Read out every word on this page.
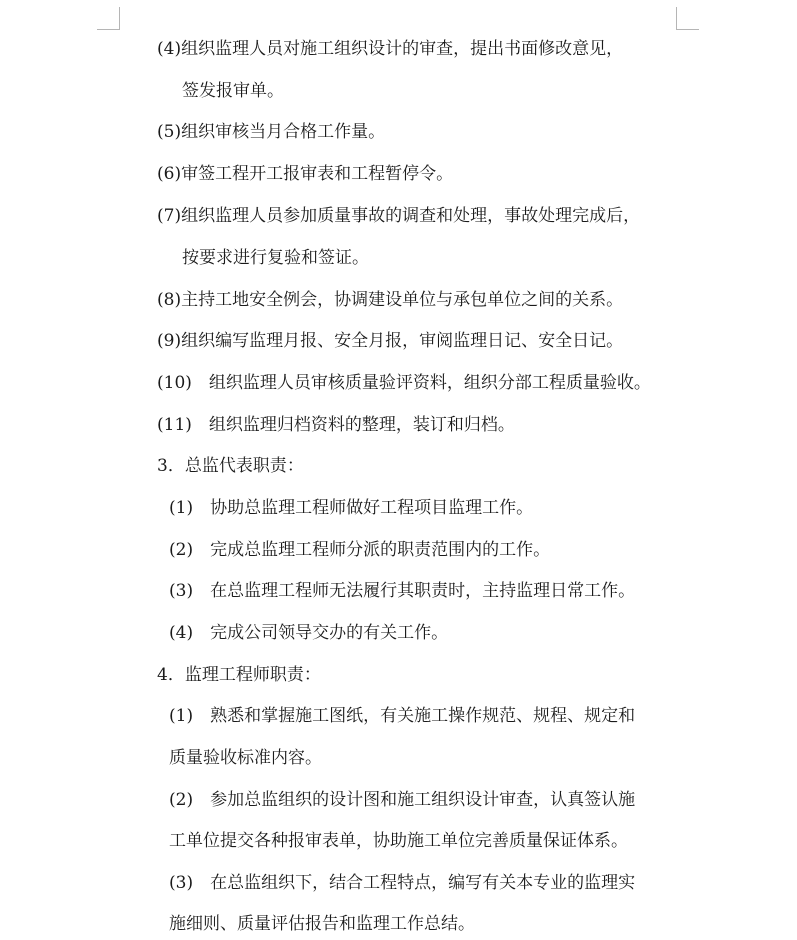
(4)组织监理人员对施工组织设计的审查，提出书面修改意见，
签发报审单。
(5)组织审核当月合格工作量。
(6)审签工程开工报审表和工程暂停令。
(7)组织监理人员参加质量事故的调查和处理，事故处理完成后，
按要求进行复验和签证。
(8)主持工地安全例会，协调建设单位与承包单位之间的关系。
(9)组织编写监理月报、安全月报，审阅监理日记、安全日记。
(10)　组织监理人员审核质量验评资料，组织分部工程质量验收。
(11)　组织监理归档资料的整理，装订和归档。
3．总监代表职责：
(1)　协助总监理工程师做好工程项目监理工作。
(2)　完成总监理工程师分派的职责范围内的工作。
(3)　在总监理工程师无法履行其职责时，主持监理日常工作。
(4)　完成公司领导交办的有关工作。
4．监理工程师职责：
(1)　熟悉和掌握施工图纸，有关施工操作规范、规程、规定和
质量验收标准内容。
(2)　参加总监组织的设计图和施工组织设计审查，认真签认施
工单位提交各种报审表单，协助施工单位完善质量保证体系。
(3)　在总监组织下，结合工程特点，编写有关本专业的监理实
施细则、质量评估报告和监理工作总结。
